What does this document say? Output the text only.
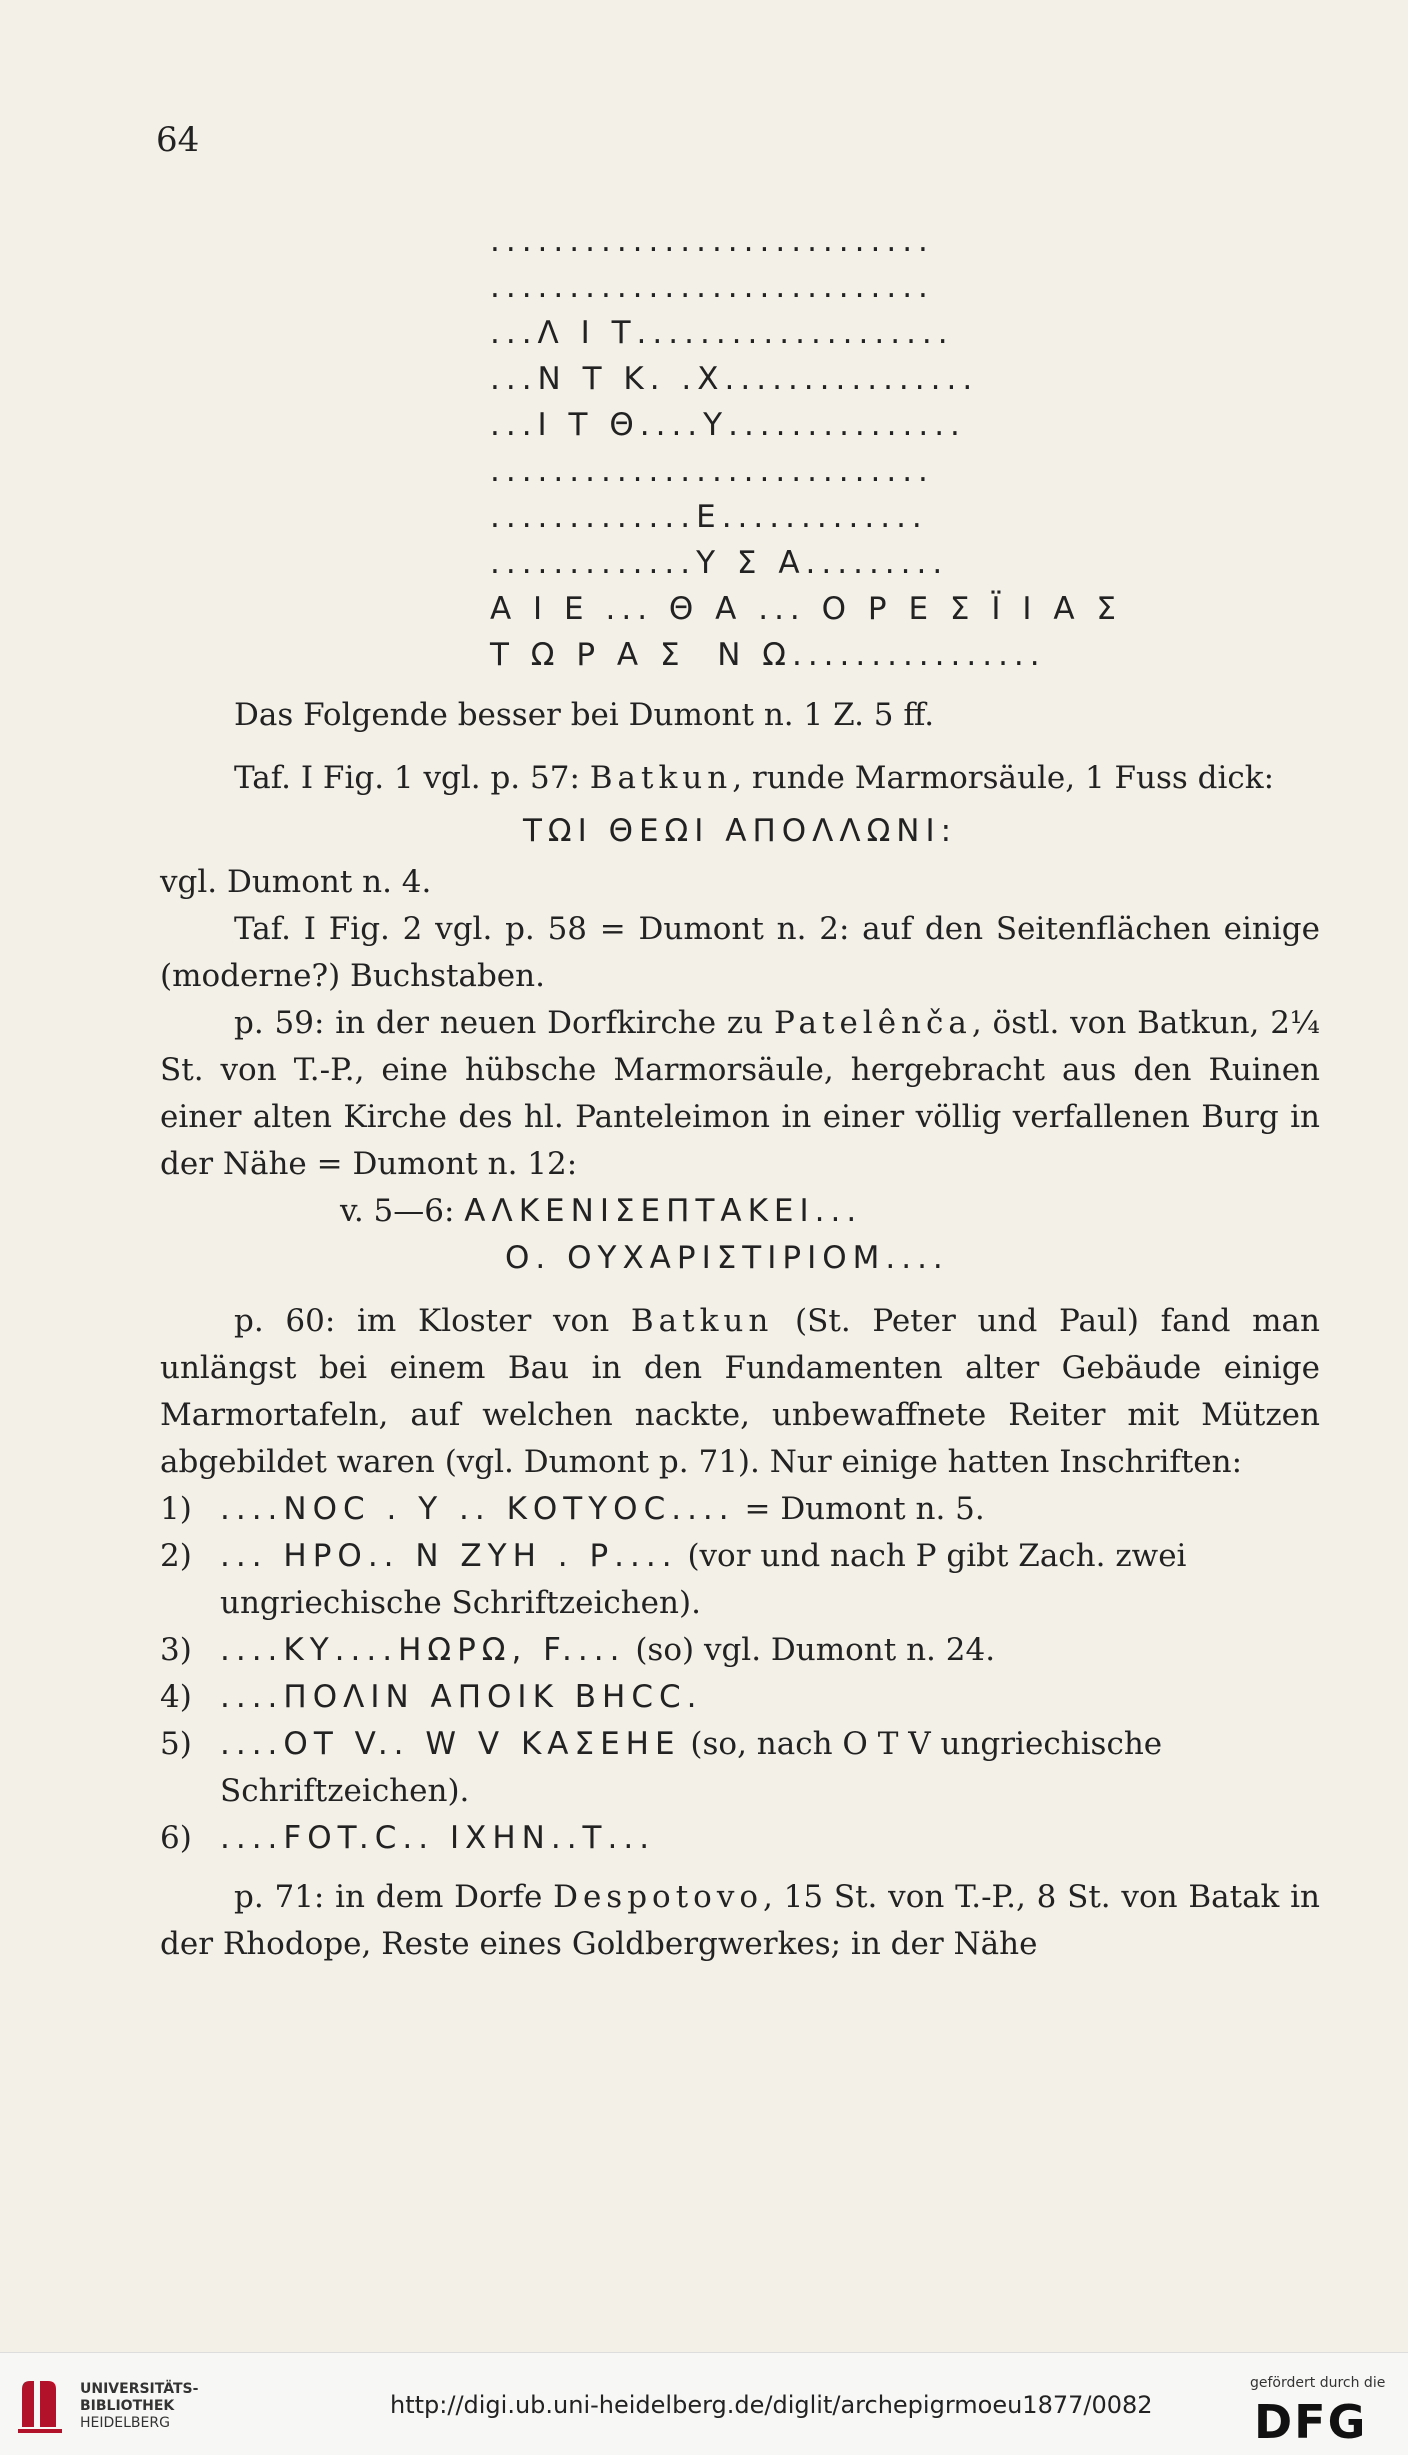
64
............................
............................
...Λ Ι Τ....................
...Ν Τ Κ. .Χ................
...Ι Τ Θ....Υ...............
............................
.............Ε.............
.............Υ Σ Α.........
Α Ι Ε ... Θ Α ... Ο Ρ Ε Σ Ϊ Ι Α Σ
Τ Ω Ρ Α Σ  Ν Ω................

Das Folgende besser bei Dumont n. 1 Z. 5 ff.

Taf. I Fig. 1 vgl. p. 57: Batkun, runde Marmorsäule, 1 Fuss dick:

ΤΩΙ ΘΕΩΙ ΑΠΟΛΛΩΝΙ:

vgl. Dumont n. 4.

Taf. I Fig. 2 vgl. p. 58 = Dumont n. 2: auf den Seitenflächen einige (moderne?) Buchstaben.

p. 59: in der neuen Dorfkirche zu Patelênča, östl. von Batkun, 2¼ St. von T.-P., eine hübsche Marmorsäule, hergebracht aus den Ruinen einer alten Kirche des hl. Panteleimon in einer völlig verfallenen Burg in der Nähe = Dumont n. 12:

v. 5—6: ΑΛΚΕΝΙΣΕΠΤΑΚΕΙ...
Ο. ΟΥΧΑΡΙΣΤΙΡΙΟΜ....

p. 60: im Kloster von Batkun (St. Peter und Paul) fand man unlängst bei einem Bau in den Fundamenten alter Gebäude einige Marmortafeln, auf welchen nackte, unbewaffnete Reiter mit Mützen abgebildet waren (vgl. Dumont p. 71). Nur einige hatten Inschriften:

1) ....NOC . Υ .. ΚΟΤΥΟC.... = Dumont n. 5.
2) ... ΗΡΟ.. Ν ΖΥΗ . Ρ.... (vor und nach P gibt Zach. zwei ungriechische Schriftzeichen).
3) ....ΚΥ....ΗΩΡΩ, F.... (so) vgl. Dumont n. 24.
4) ....ΠΟΛΙΝ ΑΠΟΙΚ ΒΗCC.
5) ....ΟΤ V.. W V ΚΑΣΕΗΕ (so, nach O T V ungriechische Schriftzeichen).
6) ....FOT.C.. ΙΧΗΝ..Τ...

p. 71: in dem Dorfe Despotovo, 15 St. von T.-P., 8 St. von Batak in der Rhodope, Reste eines Goldbergwerkes; in der Nähe

UNIVERSITÄTS-
BIBLIOTHEK
HEIDELBERG
http://digi.ub.uni-heidelberg.de/diglit/archepigrmoeu1877/0082
gefördert durch die
DFG
